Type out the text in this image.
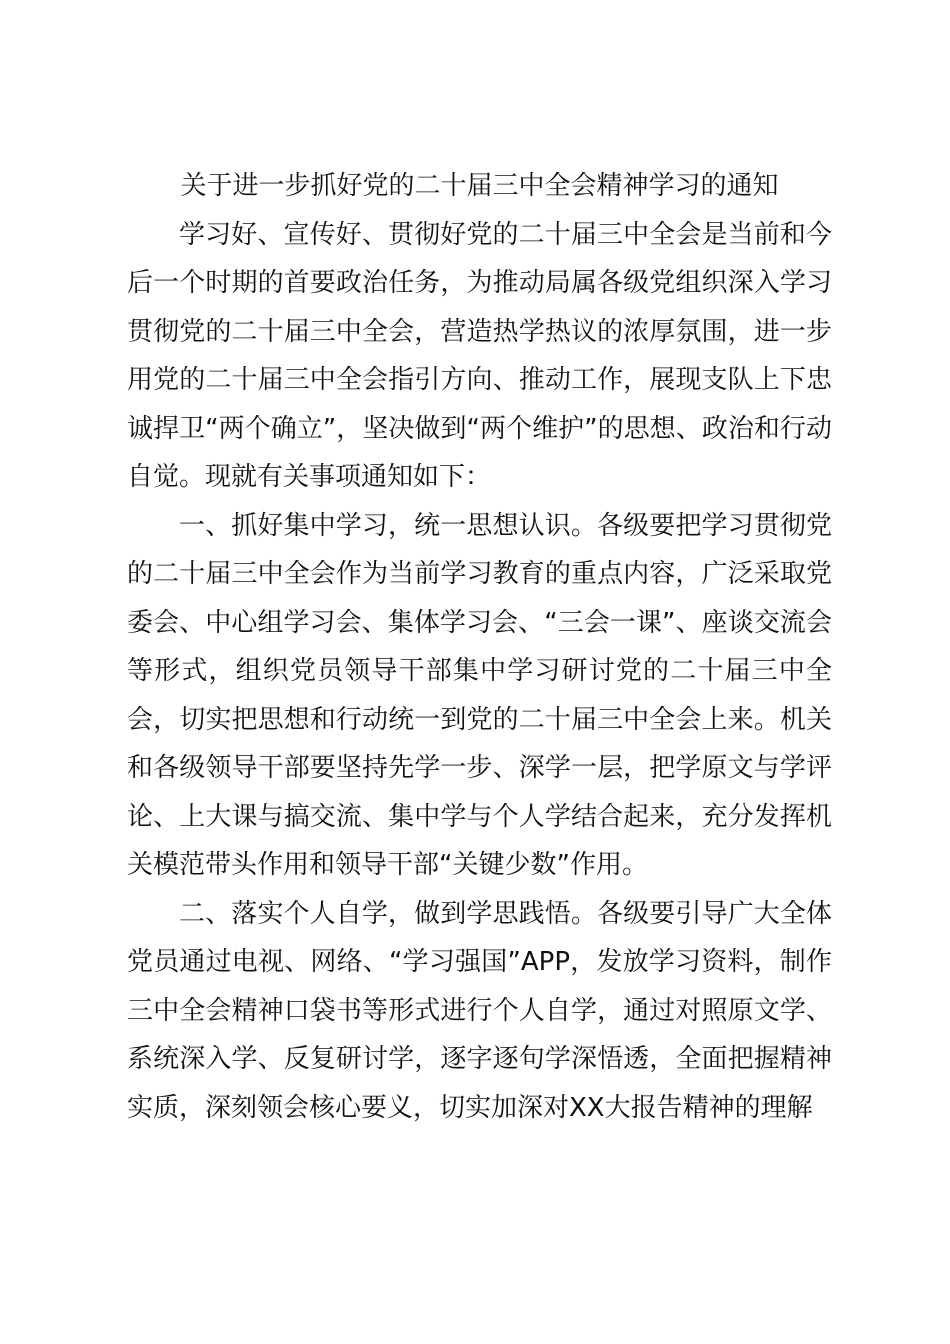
关于进一步抓好党的二十届三中全会精神学习的通知

学习好、宣传好、贯彻好党的二十届三中全会是当前和今后一个时期的首要政治任务，为推动局属各级党组织深入学习贯彻党的二十届三中全会，营造热学热议的浓厚氛围，进一步用党的二十届三中全会指引方向、推动工作，展现支队上下忠诚捍卫“两个确立”，坚决做到“两个维护”的思想、政治和行动自觉。现就有关事项通知如下：

一、抓好集中学习，统一思想认识。各级要把学习贯彻党的二十届三中全会作为当前学习教育的重点内容，广泛采取党委会、中心组学习会、集体学习会、“三会一课”、座谈交流会等形式，组织党员领导干部集中学习研讨党的二十届三中全会，切实把思想和行动统一到党的二十届三中全会上来。机关和各级领导干部要坚持先学一步、深学一层，把学原文与学评论、上大课与搞交流、集中学与个人学结合起来，充分发挥机关模范带头作用和领导干部“关键少数”作用。

二、落实个人自学，做到学思践悟。各级要引导广大全体党员通过电视、网络、“学习强国”APP，发放学习资料，制作三中全会精神口袋书等形式进行个人自学，通过对照原文学、系统深入学、反复研讨学，逐字逐句学深悟透，全面把握精神实质，深刻领会核心要义，切实加深对XX大报告精神的理解
